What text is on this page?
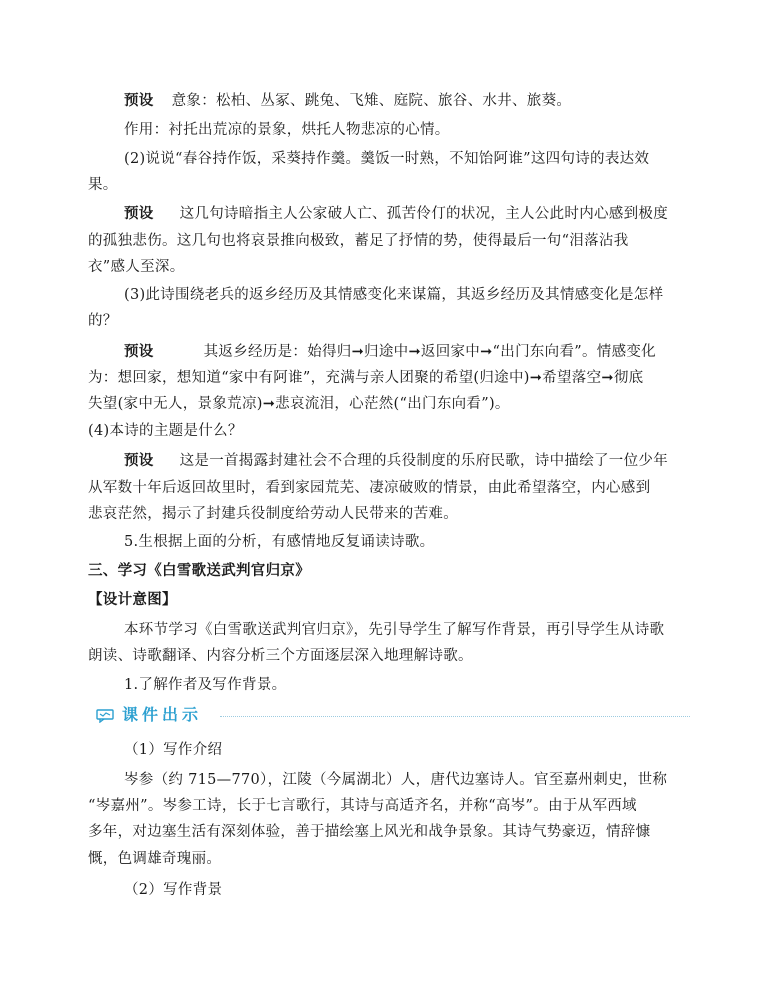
预设 意象：松柏、丛冢、跳兔、飞雉、庭院、旅谷、水井、旅葵。
作用：衬托出荒凉的景象，烘托人物悲凉的心情。
(2)说说“春谷持作饭，采葵持作羹。羹饭一时熟，不知饴阿谁”这四句诗的表达效
果。
预设 这几句诗暗指主人公家破人亡、孤苦伶仃的状况，主人公此时内心感到极度
的孤独悲伤。这几句也将哀景推向极致，蓄足了抒情的势，使得最后一句“泪落沾我
衣”感人至深。
(3)此诗围绕老兵的返乡经历及其情感变化来谋篇，其返乡经历及其情感变化是怎样
的？
预设	其返乡经历是：始得归➞归途中➞返回家中➞“出门东向看”。情感变化
为：想回家，想知道“家中有阿谁”，充满与亲人团聚的希望(归途中)➞希望落空➞彻底
失望(家中无人，景象荒凉)➞悲哀流泪，心茫然(“出门东向看”)。
(4)本诗的主题是什么？
预设 这是一首揭露封建社会不合理的兵役制度的乐府民歌，诗中描绘了一位少年
从军数十年后返回故里时，看到家园荒芜、凄凉破败的情景，由此希望落空，内心感到
悲哀茫然，揭示了封建兵役制度给劳动人民带来的苦难。
5.生根据上面的分析，有感情地反复诵读诗歌。
三、学习《白雪歌送武判官归京》
【设计意图】
本环节学习《白雪歌送武判官归京》，先引导学生了解写作背景，再引导学生从诗歌
朗读、诗歌翻译、内容分析三个方面逐层深入地理解诗歌。
1.了解作者及写作背景。
课件出示
（1）写作介绍
岑参（约 715—770），江陵（今属湖北）人，唐代边塞诗人。官至嘉州刺史，世称
“岑嘉州”。岑参工诗，长于七言歌行，其诗与高适齐名，并称“高岑”。由于从军西域
多年，对边塞生活有深刻体验，善于描绘塞上风光和战争景象。其诗气势豪迈，情辞慷
慨，色调雄奇瑰丽。
（2）写作背景
